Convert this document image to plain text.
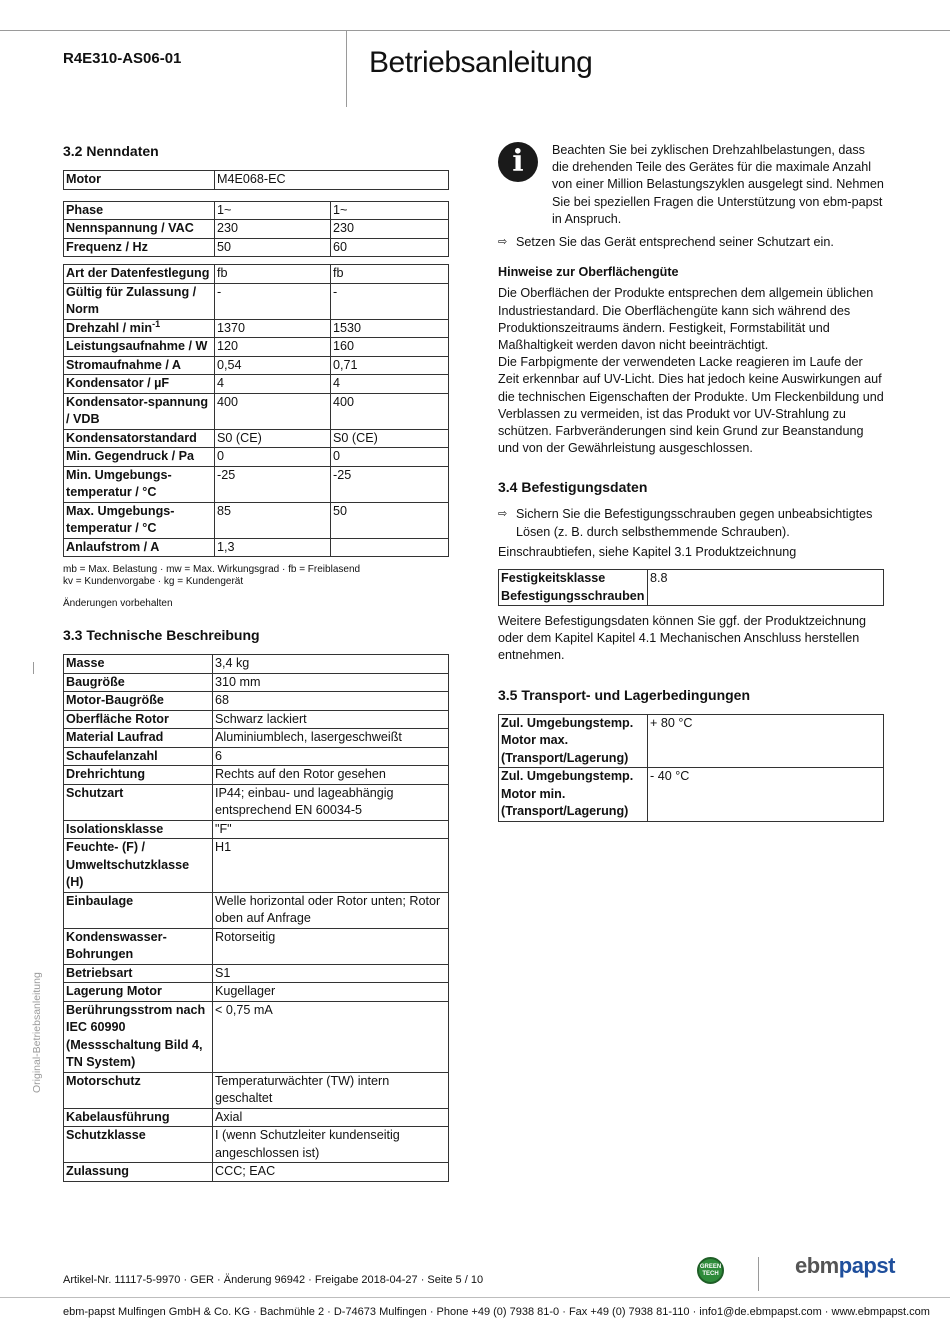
R4E310-AS06-01	Betriebsanleitung
Original-Betriebsanleitung
3.2 Nenndaten
Motor	M4E068-EC
Phase	1~	1~
Nennspannung / VAC	230	230
Frequenz / Hz	50	60
Art der Datenfestlegung	fb	fb
Gültig für Zulassung / Norm	-	-
Drehzahl / $\min^{-1}$	1370	1530
Leistungsaufnahme / W	120	160
Stromaufnahme / A	0,54	0,71
Kondensator / µF	4	4
Kondensator-spannung / VDB	400	400
Kondensatorstandard	S0 (CE)	S0 (CE)
Min. Gegendruck / Pa	0	0
Min. Umgebungs-temperatur / °C	-25	-25
Max. Umgebungs-temperatur / °C	85	50
Anlaufstrom / A	1,3	
mb = Max. Belastung · mw = Max. Wirkungsgrad · fb = Freiblasend
kv = Kundenvorgabe · kg = Kundengerät
Änderungen vorbehalten
3.3 Technische Beschreibung
Masse	3,4 kg
Baugröße	310 mm
Motor-Baugröße	68
Oberfläche Rotor	Schwarz lackiert
Material Laufrad	Aluminiumblech, lasergeschweißt
Schaufelanzahl	6
Drehrichtung	Rechts auf den Rotor gesehen
Schutzart	IP44; einbau- und lageabhängig entsprechend EN 60034-5
Isolationsklasse	"F"
Feuchte- (F) / Umweltschutzklasse (H)	H1
Einbaulage	Welle horizontal oder Rotor unten; Rotor oben auf Anfrage
Kondenswasser-Bohrungen	Rotorseitig
Betriebsart	S1
Lagerung Motor	Kugellager
Berührungsstrom nach IEC 60990 (Messschaltung Bild 4, TN System)	< 0,75 mA
Motorschutz	Temperaturwächter (TW) intern geschaltet
Kabelausführung	Axial
Schutzklasse	I (wenn Schutzleiter kundenseitig angeschlossen ist)
Zulassung	CCC; EAC
i	Beachten Sie bei zyklischen Drehzahlbelastungen, dass die drehenden Teile des Gerätes für die maximale Anzahl von einer Million Belastungszyklen ausgelegt sind. Nehmen Sie bei speziellen Fragen die Unterstützung von ebm-papst in Anspruch.
⇨ Setzen Sie das Gerät entsprechend seiner Schutzart ein.
Hinweise zur Oberflächengüte
Die Oberflächen der Produkte entsprechen dem allgemein üblichen Industriestandard. Die Oberflächengüte kann sich während des Produktionszeitraums ändern. Festigkeit, Formstabilität und Maßhaltigkeit werden davon nicht beeinträchtigt.
Die Farbpigmente der verwendeten Lacke reagieren im Laufe der Zeit erkennbar auf UV-Licht. Dies hat jedoch keine Auswirkungen auf die technischen Eigenschaften der Produkte. Um Fleckenbildung und Verblassen zu vermeiden, ist das Produkt vor UV-Strahlung zu schützen. Farbveränderungen sind kein Grund zur Beanstandung und von der Gewährleistung ausgeschlossen.
3.4 Befestigungsdaten
⇨ Sichern Sie die Befestigungsschrauben gegen unbeabsichtigtes Lösen (z. B. durch selbsthemmende Schrauben).
Einschraubtiefen, siehe Kapitel 3.1 Produktzeichnung
Festigkeitsklasse Befestigungsschrauben	8.8
Weitere Befestigungsdaten können Sie ggf. der Produktzeichnung oder dem Kapitel Kapitel 4.1 Mechanischen Anschluss herstellen entnehmen.
3.5 Transport- und Lagerbedingungen
Zul. Umgebungstemp. Motor max. (Transport/Lagerung)	+ 80 °C
Zul. Umgebungstemp. Motor min. (Transport/Lagerung)	- 40 °C
Artikel-Nr. 11117-5-9970 · GER · Änderung 96942 · Freigabe 2018-04-27 · Seite 5 / 10
GREEN TECH	ebmpapst
ebm-papst Mulfingen GmbH & Co. KG · Bachmühle 2 · D-74673 Mulfingen · Phone +49 (0) 7938 81-0 · Fax +49 (0) 7938 81-110 · info1@de.ebmpapst.com · www.ebmpapst.com
